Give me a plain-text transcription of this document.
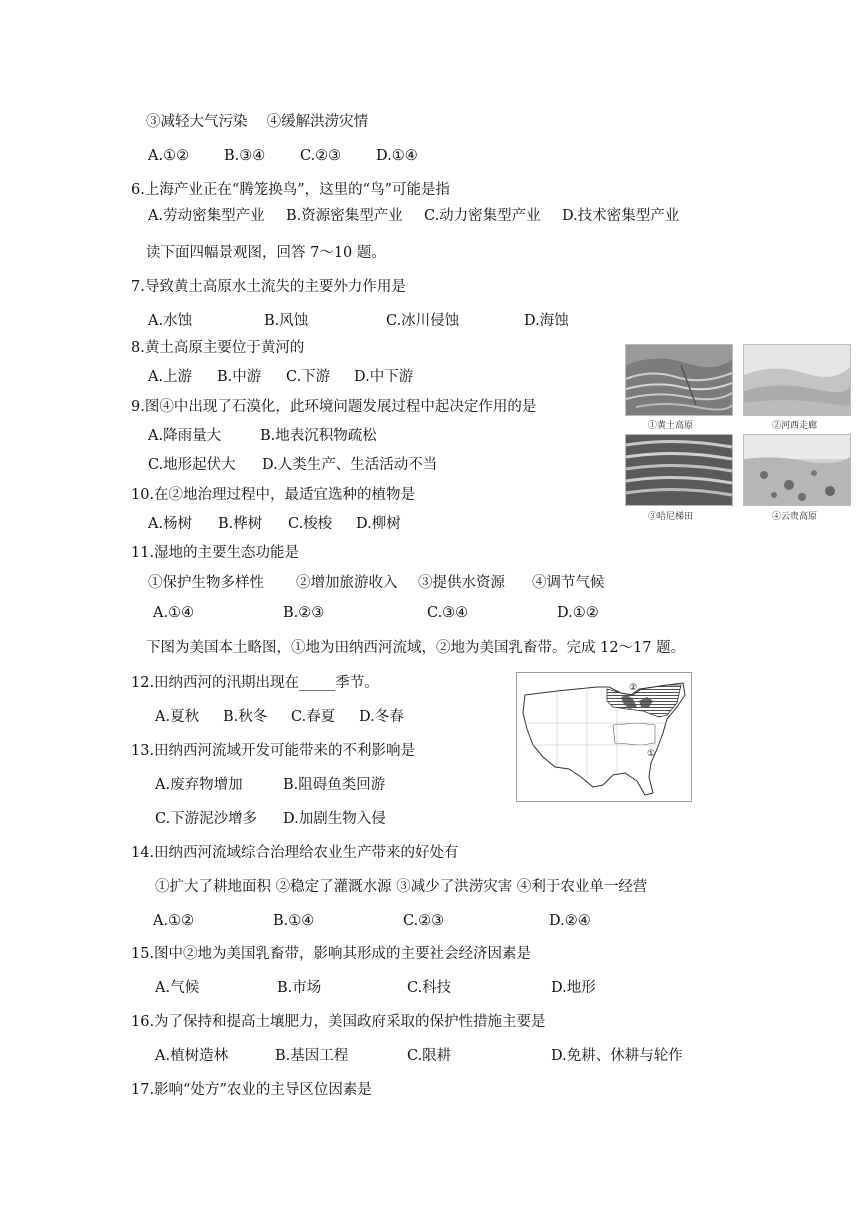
③减轻大气污染　 ④缓解洪涝灾情
A.①② B.③④ C.②③ D.①④
6.上海产业正在“腾笼换鸟”，这里的“鸟”可能是指
A.劳动密集型产业 B.资源密集型产业 C.动力密集型产业 D.技术密集型产业
读下面四幅景观图，回答 7～10 题。
7.导致黄土高原水土流失的主要外力作用是
A.水蚀	B.风蚀	C.冰川侵蚀	D.海蚀
8.黄土高原主要位于黄河的
A.上游 B.中游 C.下游 D.中下游
9.图④中出现了石漠化，此环境问题发展过程中起决定作用的是
A.降雨量大	B.地表沉积物疏松
C.地形起伏大 D.人类生产、生活活动不当
10.在②地治理过程中，最适宜选种的植物是
A.杨树 B.桦树 C.梭梭 D.柳树
①黄土高原	②河西走廊
③哈尼梯田	④云贵高原
11.湿地的主要生态功能是
①保护生物多样性 ②增加旅游收入 ③提供水资源 ④调节气候
A.①④	B.②③	C.③④	D.①②
下图为美国本土略图，①地为田纳西河流域，②地为美国乳畜带。完成 12～17 题。
①
②
12.田纳西河的汛期出现在_____季节。
A.夏秋 B.秋冬 C.春夏 D.冬春
13.田纳西河流域开发可能带来的不利影响是
A.废弃物增加	B.阻碍鱼类回游
C.下游泥沙增多 D.加剧生物入侵
14.田纳西河流域综合治理给农业生产带来的好处有
①扩大了耕地面积 ②稳定了灌溉水源 ③减少了洪涝灾害 ④利于农业单一经营
A.①②	B.①④	C.②③	D.②④
15.图中②地为美国乳畜带，影响其形成的主要社会经济因素是
A.气候	B.市场	C.科技	D.地形
16.为了保持和提高土壤肥力，美国政府采取的保护性措施主要是
A.植树造林	B.基因工程	C.限耕	D.免耕、休耕与轮作
17.影响“处方”农业的主导区位因素是
